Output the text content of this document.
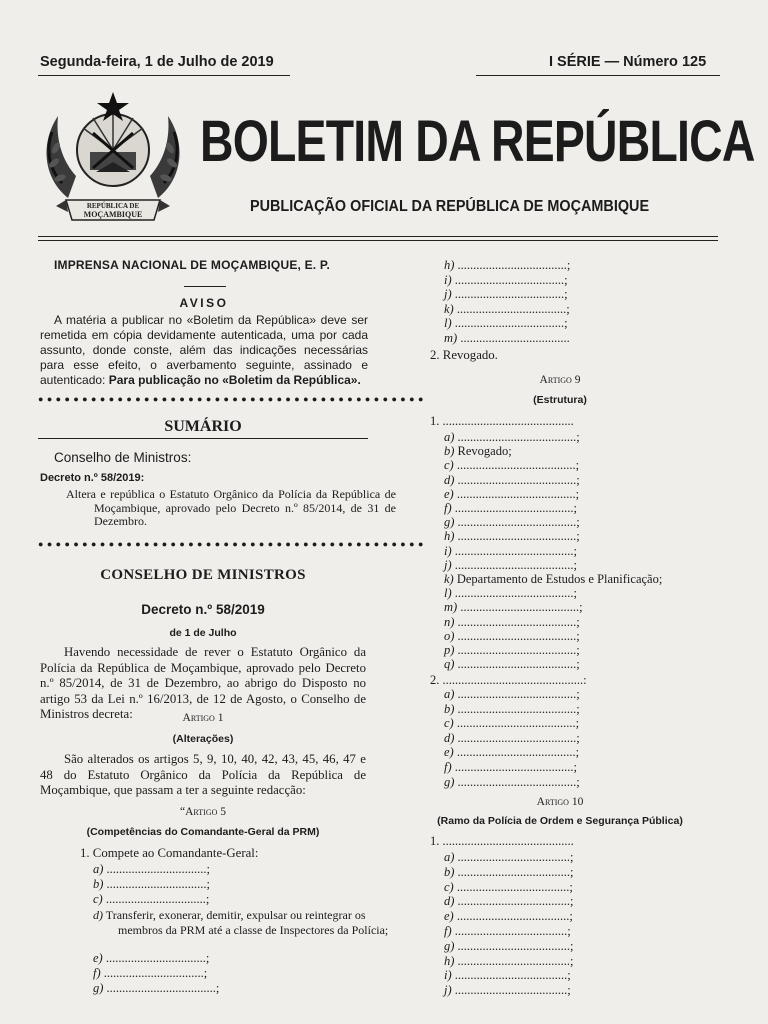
Segunda-feira, 1 de Julho de 2019	I SÉRIE — Número 125
REPÚBLICA DE
MOÇAMBIQUE
BOLETIM DA REPÚBLICA
PUBLICAÇÃO OFICIAL DA REPÚBLICA DE MOÇAMBIQUE
IMPRENSA NACIONAL DE MOÇAMBIQUE, E. P.
AVISO
A matéria a publicar no «Boletim da República» deve ser remetida em cópia devidamente autenticada, uma por cada assunto, donde conste, além das indicações necessárias para esse efeito, o averbamento seguinte, assinado e autenticado: Para publicação no «Boletim da República».
●●●●●●●●●●●●●●●●●●●●●●●●●●●●●●●●●●●●●●●●●●●●
SUMÁRIO
Conselho de Ministros:
Decreto n.º 58/2019:
Altera e república o Estatuto Orgânico da Polícia da República de Moçambique, aprovado pelo Decreto n.º 85/2014, de 31 de Dezembro.
●●●●●●●●●●●●●●●●●●●●●●●●●●●●●●●●●●●●●●●●●●●●
CONSELHO DE MINISTROS
Decreto n.º 58/2019
de 1 de Julho
Havendo necessidade de rever o Estatuto Orgânico da Polícia da República de Moçambique, aprovado pelo Decreto n.º 85/2014, de 31 de Dezembro, ao abrigo do Disposto no artigo 53 da Lei n.º 16/2013, de 12 de Agosto, o Conselho de Ministros decreta:	Artigo 1
(Alterações)
São alterados os artigos 5, 9, 10, 40, 42, 43, 45, 46, 47 e 48 do Estatuto Orgânico da Polícia da República de Moçambique, que passam a ter a seguinte redacção:
“Artigo 5
(Competências do Comandante-Geral da PRM)
1. Compete ao Comandante-Geral:
a) ................................;
b) ................................;
c) ................................;
d) Transferir, exonerar, demitir, expulsar ou reintegrar os membros da PRM até a classe de Inspectores da Polícia;
e) ................................;
f) ................................;
g) ...................................;
h) ...................................;
i) ...................................;
j) ...................................;
k) ...................................;
l) ...................................;
m) ...................................
2. Revogado.
Artigo 9
(Estrutura)
1. ..........................................
a) ......................................;
b) Revogado;
c) ......................................;
d) ......................................;
e) ......................................;
f) ......................................;
g) ......................................;
h) ......................................;
i) ......................................;
j) ......................................;
k) Departamento de Estudos e Planificação;
l) ......................................;
m) ......................................;
n) ......................................;
o) ......................................;
p) ......................................;
q) ......................................;
2. .............................................:
a) ......................................;
b) ......................................;
c) ......................................;
d) ......................................;
e) ......................................;
f) ......................................;
g) ......................................;
Artigo 10
(Ramo da Polícia de Ordem e Segurança Pública)
1. ..........................................
a) ....................................;
b) ....................................;
c) ....................................;
d) ....................................;
e) ....................................;
f) ....................................;
g) ....................................;
h) ....................................;
i) ....................................;
j) ....................................;
